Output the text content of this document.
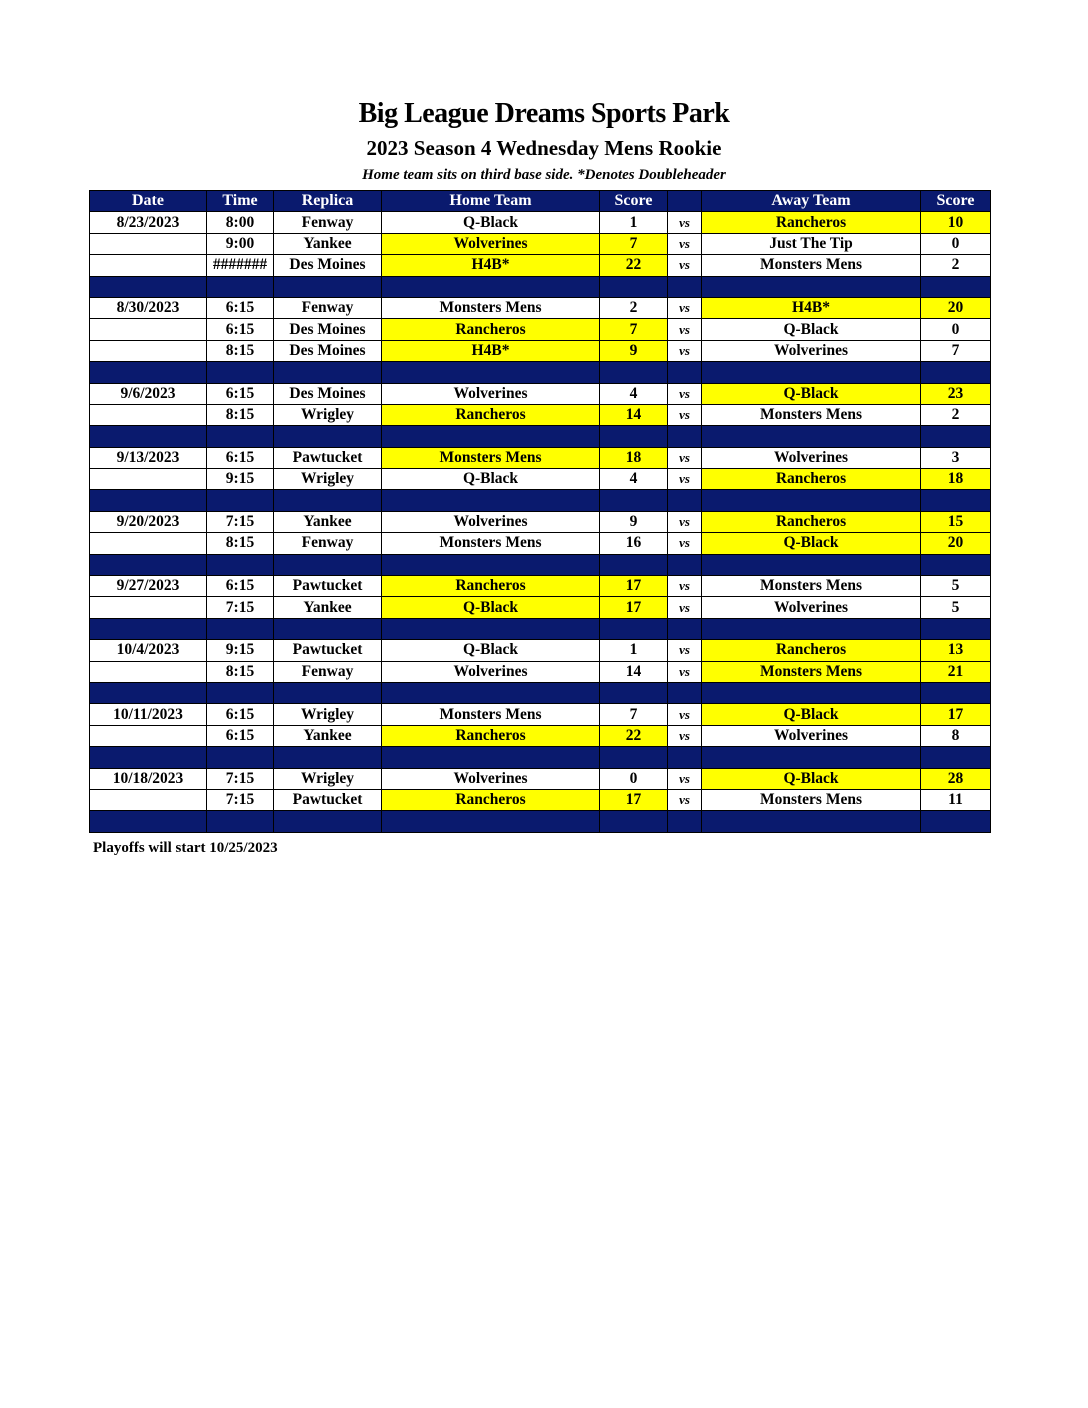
Big League Dreams Sports Park
2023 Season 4 Wednesday Mens Rookie
Home team sits on third base side. *Denotes Doubleheader
Date	Time	Replica	Home Team	Score		Away Team	Score
8/23/2023	8:00	Fenway	Q-Black	1	vs	Rancheros	10
	9:00	Yankee	Wolverines	7	vs	Just The Tip	0
	#######	Des Moines	H4B*	22	vs	Monsters Mens	2

8/30/2023	6:15	Fenway	Monsters Mens	2	vs	H4B*	20
	6:15	Des Moines	Rancheros	7	vs	Q-Black	0
	8:15	Des Moines	H4B*	9	vs	Wolverines	7

9/6/2023	6:15	Des Moines	Wolverines	4	vs	Q-Black	23
	8:15	Wrigley	Rancheros	14	vs	Monsters Mens	2

9/13/2023	6:15	Pawtucket	Monsters Mens	18	vs	Wolverines	3
	9:15	Wrigley	Q-Black	4	vs	Rancheros	18

9/20/2023	7:15	Yankee	Wolverines	9	vs	Rancheros	15
	8:15	Fenway	Monsters Mens	16	vs	Q-Black	20

9/27/2023	6:15	Pawtucket	Rancheros	17	vs	Monsters Mens	5
	7:15	Yankee	Q-Black	17	vs	Wolverines	5

10/4/2023	9:15	Pawtucket	Q-Black	1	vs	Rancheros	13
	8:15	Fenway	Wolverines	14	vs	Monsters Mens	21

10/11/2023	6:15	Wrigley	Monsters Mens	7	vs	Q-Black	17
	6:15	Yankee	Rancheros	22	vs	Wolverines	8

10/18/2023	7:15	Wrigley	Wolverines	0	vs	Q-Black	28
	7:15	Pawtucket	Rancheros	17	vs	Monsters Mens	11

Playoffs will start 10/25/2023
